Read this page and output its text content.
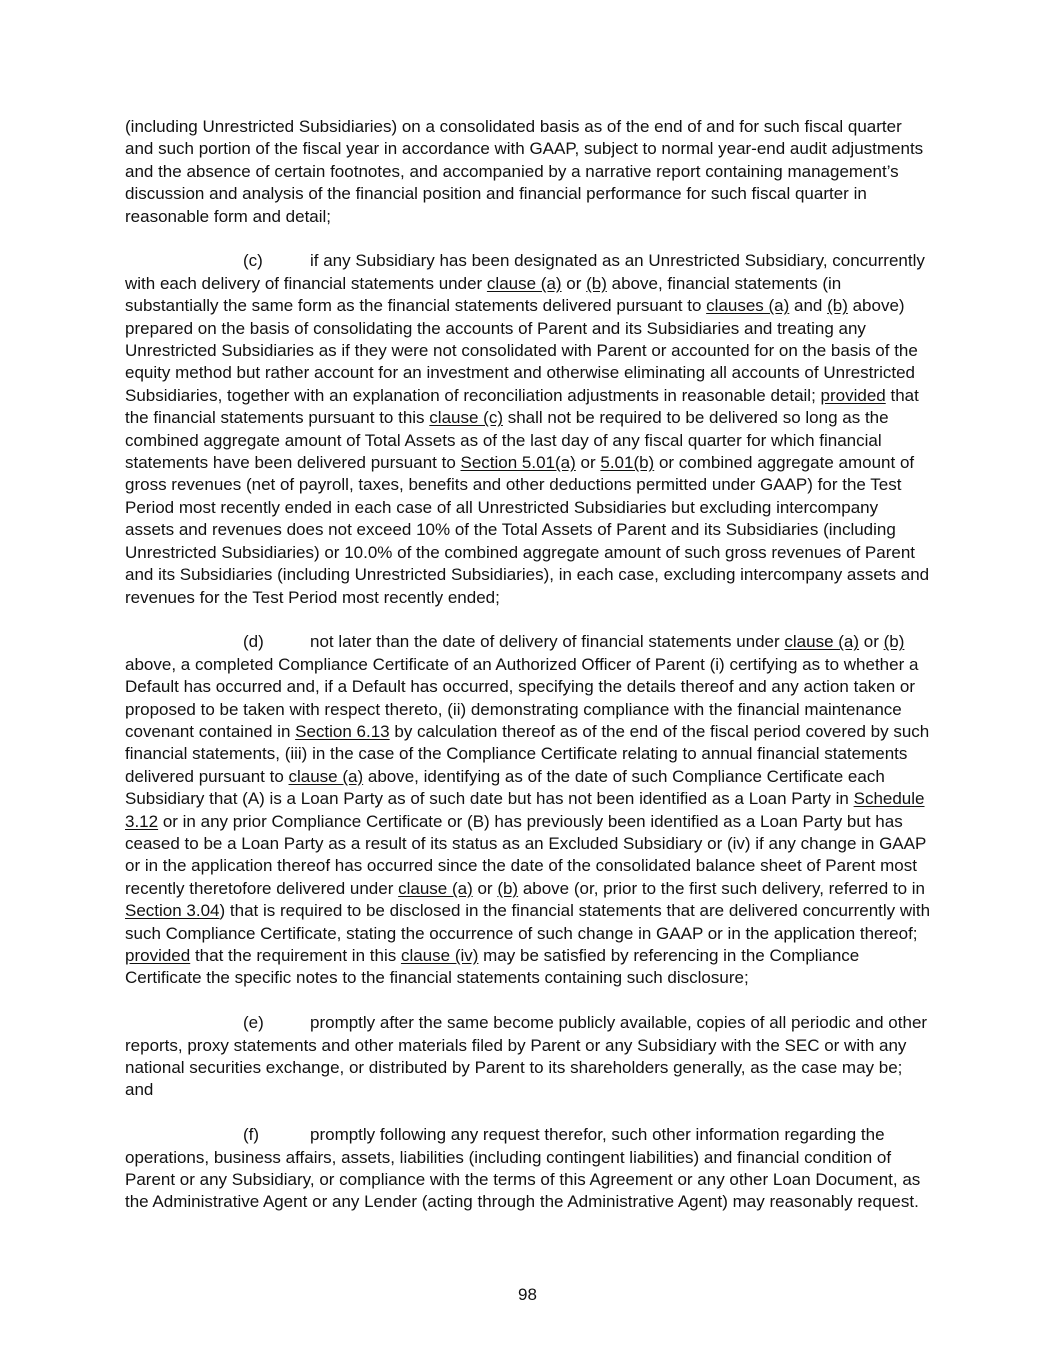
(including Unrestricted Subsidiaries) on a consolidated basis as of the end of and for such fiscal quarter and such portion of the fiscal year in accordance with GAAP, subject to normal year-end audit adjustments and the absence of certain footnotes, and accompanied by a narrative report containing management’s discussion and analysis of the financial position and financial performance for such fiscal quarter in reasonable form and detail;

(c)	if any Subsidiary has been designated as an Unrestricted Subsidiary, concurrently with each delivery of financial statements under clause (a) or (b) above, financial statements (in substantially the same form as the financial statements delivered pursuant to clauses (a) and (b) above) prepared on the basis of consolidating the accounts of Parent and its Subsidiaries and treating any Unrestricted Subsidiaries as if they were not consolidated with Parent or accounted for on the basis of the equity method but rather account for an investment and otherwise eliminating all accounts of Unrestricted Subsidiaries, together with an explanation of reconciliation adjustments in reasonable detail; provided that the financial statements pursuant to this clause (c) shall not be required to be delivered so long as the combined aggregate amount of Total Assets as of the last day of any fiscal quarter for which financial statements have been delivered pursuant to Section 5.01(a) or 5.01(b) or combined aggregate amount of gross revenues (net of payroll, taxes, benefits and other deductions permitted under GAAP) for the Test Period most recently ended in each case of all Unrestricted Subsidiaries but excluding intercompany assets and revenues does not exceed 10% of the Total Assets of Parent and its Subsidiaries (including Unrestricted Subsidiaries) or 10.0% of the combined aggregate amount of such gross revenues of Parent and its Subsidiaries (including Unrestricted Subsidiaries), in each case, excluding intercompany assets and revenues for the Test Period most recently ended;

(d)	not later than the date of delivery of financial statements under clause (a) or (b) above, a completed Compliance Certificate of an Authorized Officer of Parent (i) certifying as to whether a Default has occurred and, if a Default has occurred, specifying the details thereof and any action taken or proposed to be taken with respect thereto, (ii) demonstrating compliance with the financial maintenance covenant contained in Section 6.13 by calculation thereof as of the end of the fiscal period covered by such financial statements, (iii) in the case of the Compliance Certificate relating to annual financial statements delivered pursuant to clause (a) above, identifying as of the date of such Compliance Certificate each Subsidiary that (A) is a Loan Party as of such date but has not been identified as a Loan Party in Schedule 3.12 or in any prior Compliance Certificate or (B) has previously been identified as a Loan Party but has ceased to be a Loan Party as a result of its status as an Excluded Subsidiary or (iv) if any change in GAAP or in the application thereof has occurred since the date of the consolidated balance sheet of Parent most recently theretofore delivered under clause (a) or (b) above (or, prior to the first such delivery, referred to in Section 3.04) that is required to be disclosed in the financial statements that are delivered concurrently with such Compliance Certificate, stating the occurrence of such change in GAAP or in the application thereof; provided that the requirement in this clause (iv) may be satisfied by referencing in the Compliance Certificate the specific notes to the financial statements containing such disclosure;

(e)	promptly after the same become publicly available, copies of all periodic and other reports, proxy statements and other materials filed by Parent or any Subsidiary with the SEC or with any national securities exchange, or distributed by Parent to its shareholders generally, as the case may be; and

(f)	promptly following any request therefor, such other information regarding the operations, business affairs, assets, liabilities (including contingent liabilities) and financial condition of Parent or any Subsidiary, or compliance with the terms of this Agreement or any other Loan Document, as the Administrative Agent or any Lender (acting through the Administrative Agent) may reasonably request.

98
